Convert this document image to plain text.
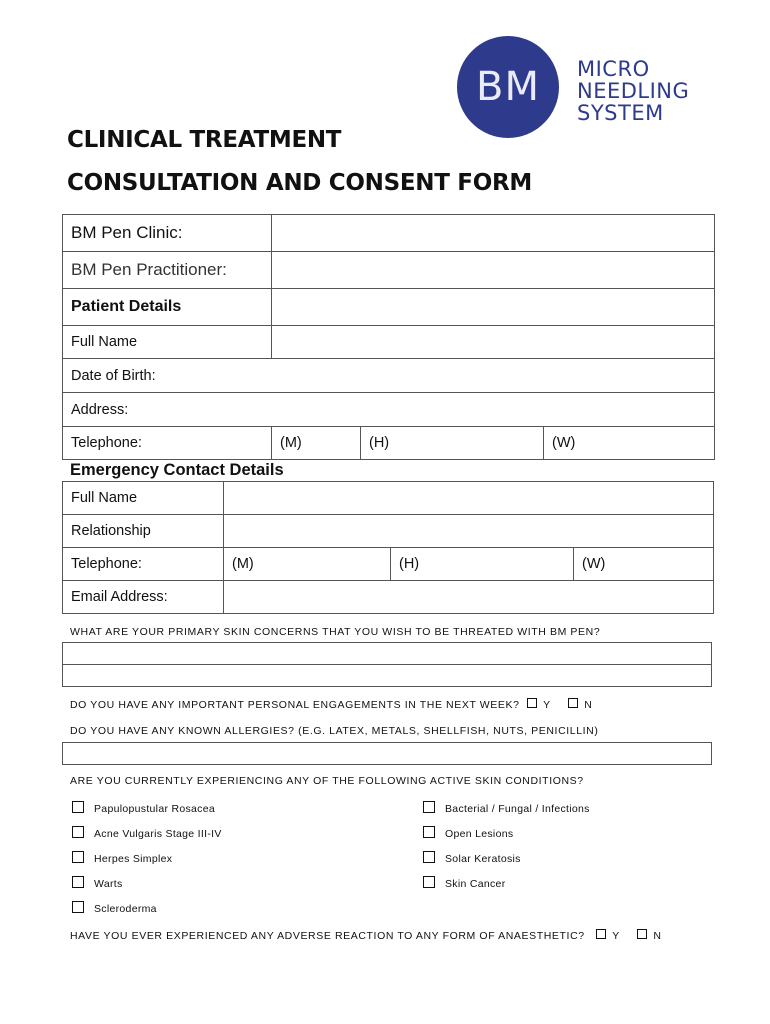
BM	MICRO
NEEDLING
SYSTEM
CLINICAL TREATMENT
CONSULTATION AND CONSENT FORM
BM Pen Clinic:			
BM Pen Practitioner:			
Patient Details			
Full Name			
Date of Birth:			
Address:			
Telephone:	(M)	(H)	(W)
Emergency Contact Details
Full Name			
Relationship			
Telephone:	(M)	(H)	(W)
Email Address:			
WHAT ARE YOUR PRIMARY SKIN CONCERNS THAT YOU WISH TO BE THREATED WITH BM PEN?
DO YOU HAVE ANY IMPORTANT PERSONAL ENGAGEMENTS IN THE NEXT WEEK? Y	N
DO YOU HAVE ANY KNOWN ALLERGIES? (E.G. LATEX, METALS, SHELLFISH, NUTS, PENICILLIN)
ARE YOU CURRENTLY EXPERIENCING ANY OF THE FOLLOWING ACTIVE SKIN CONDITIONS?
Papulopustular Rosacea
Acne Vulgaris Stage III-IV
Herpes Simplex
Warts
Scleroderma
Bacterial / Fungal / Infections
Open Lesions
Solar Keratosis
Skin Cancer
HAVE YOU EVER EXPERIENCED ANY ADVERSE REACTION TO ANY FORM OF ANAESTHETIC?	Y	N
